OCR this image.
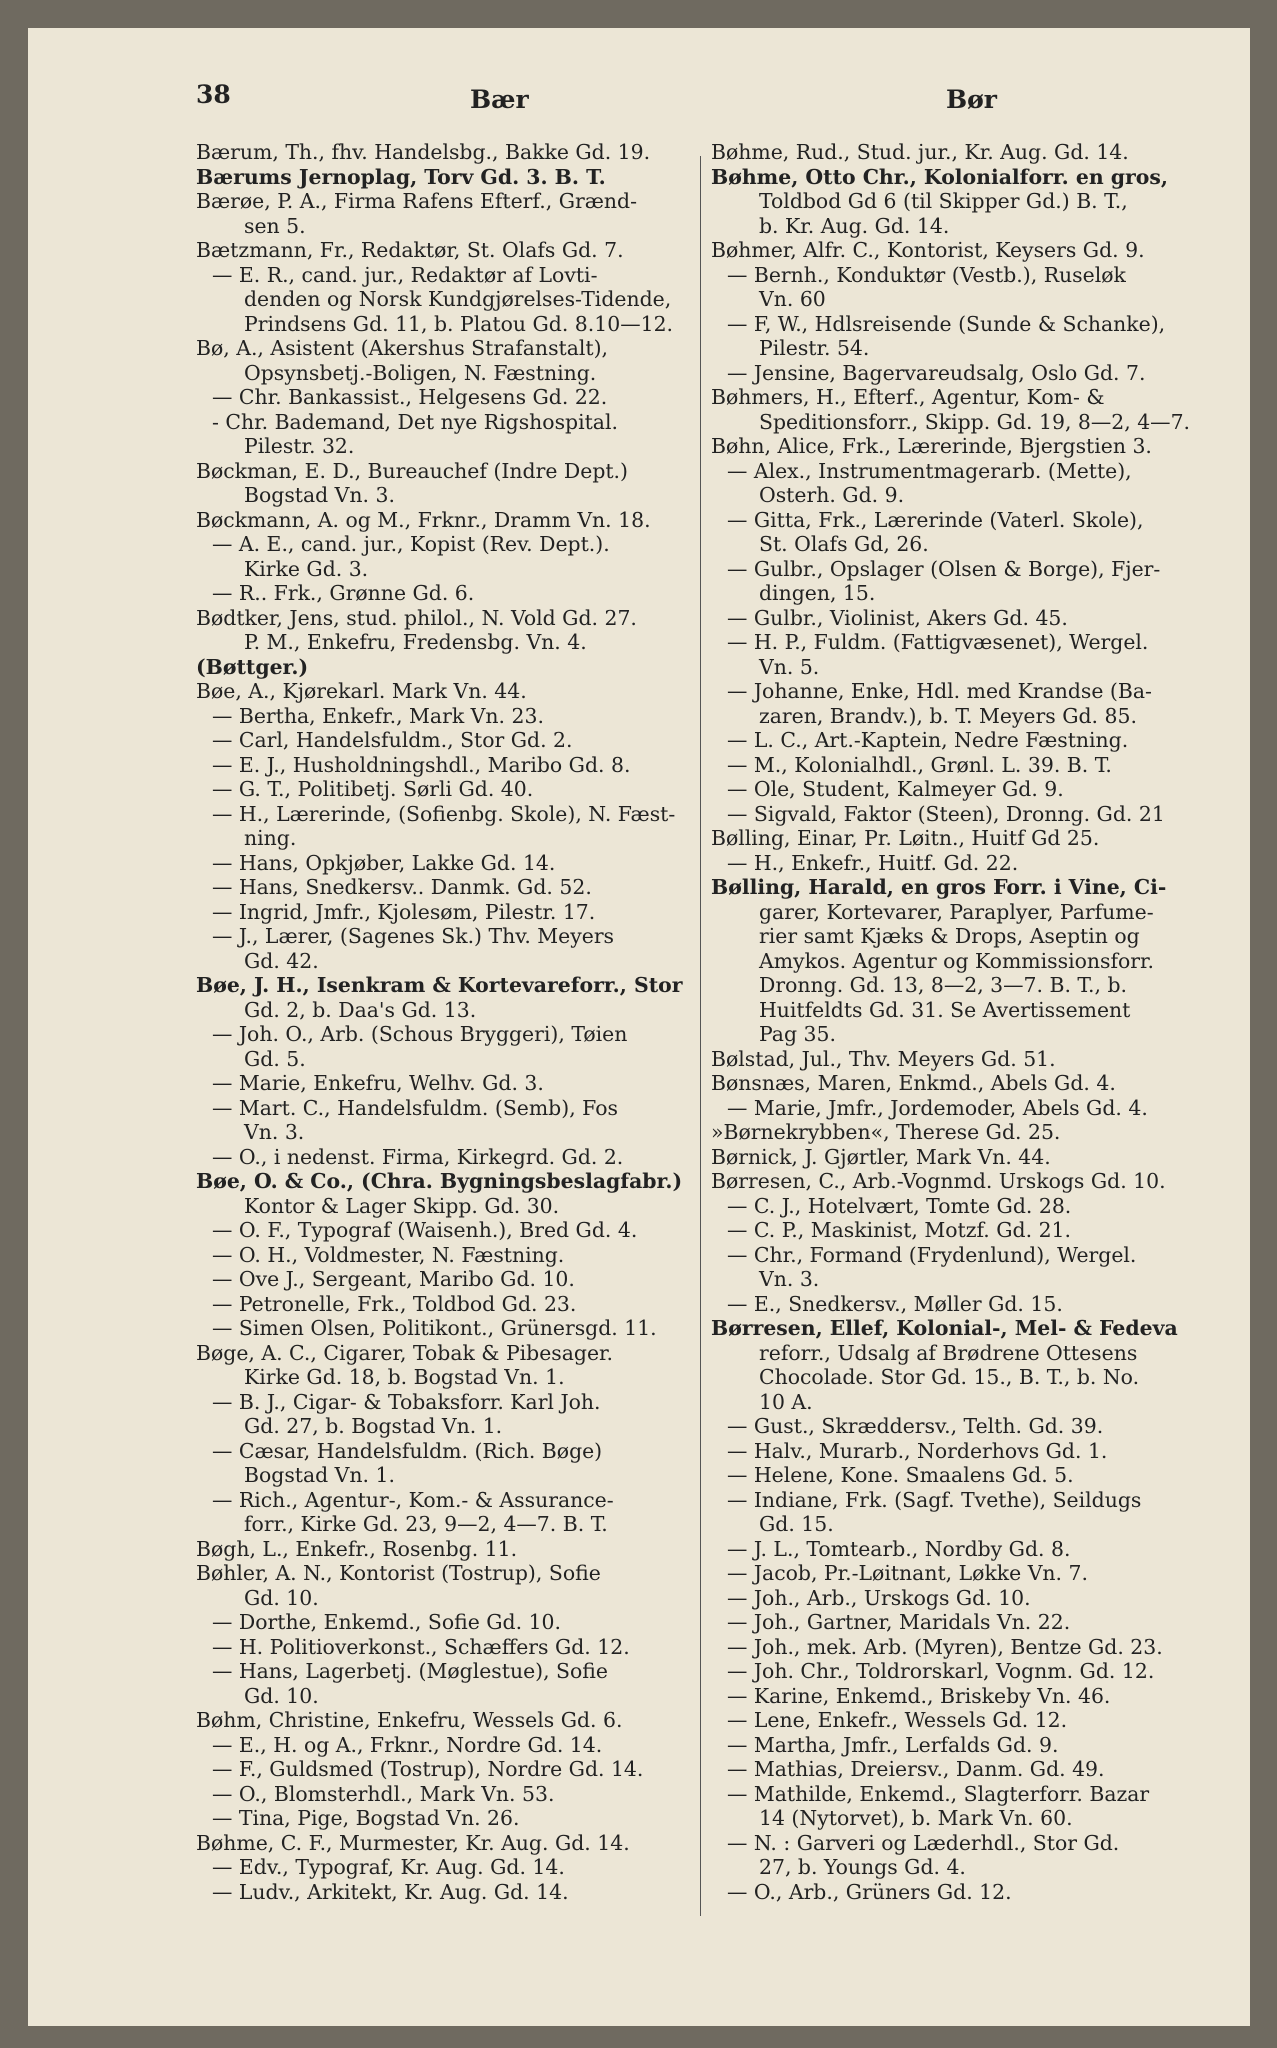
38	Bær	Bør
Bærum, Th., fhv. Handelsbg., Bakke Gd. 19.
Bærums Jernoplag, Torv Gd. 3. B. T.
Bærøe, P. A., Firma Rafens Efterf., Grænd-
sen 5.
Bætzmann, Fr., Redaktør, St. Olafs Gd. 7.
— E. R., cand. jur., Redaktør af Lovti-
denden og Norsk Kundgjørelses-Tidende,
Prindsens Gd. 11, b. Platou Gd. 8.10—12.
Bø, A., Asistent (Akershus Strafanstalt),
Opsynsbetj.-Boligen, N. Fæstning.
— Chr. Bankassist., Helgesens Gd. 22.
- Chr. Bademand, Det nye Rigshospital.
Pilestr. 32.
Bøckman, E. D., Bureauchef (Indre Dept.)
Bogstad Vn. 3.
Bøckmann, A. og M., Frknr., Dramm Vn. 18.
— A. E., cand. jur., Kopist (Rev. Dept.).
Kirke Gd. 3.
— R.. Frk., Grønne Gd. 6.
Bødtker, Jens, stud. philol., N. Vold Gd. 27.
P. M., Enkefru, Fredensbg. Vn. 4.
(Bøttger.)
Bøe, A., Kjørekarl. Mark Vn. 44.
— Bertha, Enkefr., Mark Vn. 23.
— Carl, Handelsfuldm., Stor Gd. 2.
— E. J., Husholdningshdl., Maribo Gd. 8.
— G. T., Politibetj. Sørli Gd. 40.
— H., Lærerinde, (Sofienbg. Skole), N. Fæst-
ning.
— Hans, Opkjøber, Lakke Gd. 14.
— Hans, Snedkersv.. Danmk. Gd. 52.
— Ingrid, Jmfr., Kjolesøm, Pilestr. 17.
— J., Lærer, (Sagenes Sk.) Thv. Meyers
Gd. 42.
Bøe, J. H., Isenkram & Kortevareforr., Stor
Gd. 2, b. Daa's Gd. 13.
— Joh. O., Arb. (Schous Bryggeri), Tøien
Gd. 5.
— Marie, Enkefru, Welhv. Gd. 3.
— Mart. C., Handelsfuldm. (Semb), Fos
Vn. 3.
— O., i nedenst. Firma, Kirkegrd. Gd. 2.
Bøe, O. & Co., (Chra. Bygningsbeslagfabr.)
Kontor & Lager Skipp. Gd. 30.
— O. F., Typograf (Waisenh.), Bred Gd. 4.
— O. H., Voldmester, N. Fæstning.
— Ove J., Sergeant, Maribo Gd. 10.
— Petronelle, Frk., Toldbod Gd. 23.
— Simen Olsen, Politikont., Grünersgd. 11.
Bøge, A. C., Cigarer, Tobak & Pibesager.
Kirke Gd. 18, b. Bogstad Vn. 1.
— B. J., Cigar- & Tobaksforr. Karl Joh.
Gd. 27, b. Bogstad Vn. 1.
— Cæsar, Handelsfuldm. (Rich. Bøge)
Bogstad Vn. 1.
— Rich., Agentur-, Kom.- & Assurance-
forr., Kirke Gd. 23, 9—2, 4—7. B. T.
Bøgh, L., Enkefr., Rosenbg. 11.
Bøhler, A. N., Kontorist (Tostrup), Sofie
Gd. 10.
— Dorthe, Enkemd., Sofie Gd. 10.
— H. Politioverkonst., Schæffers Gd. 12.
— Hans, Lagerbetj. (Møglestue), Sofie
Gd. 10.
Bøhm, Christine, Enkefru, Wessels Gd. 6.
— E., H. og A., Frknr., Nordre Gd. 14.
— F., Guldsmed (Tostrup), Nordre Gd. 14.
— O., Blomsterhdl., Mark Vn. 53.
— Tina, Pige, Bogstad Vn. 26.
Bøhme, C. F., Murmester, Kr. Aug. Gd. 14.
— Edv., Typograf, Kr. Aug. Gd. 14.
— Ludv., Arkitekt, Kr. Aug. Gd. 14.
Bøhme, Rud., Stud. jur., Kr. Aug. Gd. 14.
Bøhme, Otto Chr., Kolonialforr. en gros,
Toldbod Gd 6 (til Skipper Gd.) B. T.,
b. Kr. Aug. Gd. 14.
Bøhmer, Alfr. C., Kontorist, Keysers Gd. 9.
— Bernh., Konduktør (Vestb.), Ruseløk
Vn. 60
— F, W., Hdlsreisende (Sunde & Schanke),
Pilestr. 54.
— Jensine, Bagervareudsalg, Oslo Gd. 7.
Bøhmers, H., Efterf., Agentur, Kom- &
Speditionsforr., Skipp. Gd. 19, 8—2, 4—7.
Bøhn, Alice, Frk., Lærerinde, Bjergstien 3.
— Alex., Instrumentmagerarb. (Mette),
Osterh. Gd. 9.
— Gitta, Frk., Lærerinde (Vaterl. Skole),
St. Olafs Gd, 26.
— Gulbr., Opslager (Olsen & Borge), Fjer-
dingen, 15.
— Gulbr., Violinist, Akers Gd. 45.
— H. P., Fuldm. (Fattigvæsenet), Wergel.
Vn. 5.
— Johanne, Enke, Hdl. med Krandse (Ba-
zaren, Brandv.), b. T. Meyers Gd. 85.
— L. C., Art.-Kaptein, Nedre Fæstning.
— M., Kolonialhdl., Grønl. L. 39. B. T.
— Ole, Student, Kalmeyer Gd. 9.
— Sigvald, Faktor (Steen), Dronng. Gd. 21
Bølling, Einar, Pr. Løitn., Huitf Gd 25.
— H., Enkefr., Huitf. Gd. 22.
Bølling, Harald, en gros Forr. i Vine, Ci-
garer, Kortevarer, Paraplyer, Parfume-
rier samt Kjæks & Drops, Aseptin og
Amykos. Agentur og Kommissionsforr.
Dronng. Gd. 13, 8—2, 3—7. B. T., b.
Huitfeldts Gd. 31. Se Avertissement
Pag 35.
Bølstad, Jul., Thv. Meyers Gd. 51.
Bønsnæs, Maren, Enkmd., Abels Gd. 4.
— Marie, Jmfr., Jordemoder, Abels Gd. 4.
»Børnekrybben«, Therese Gd. 25.
Børnick, J. Gjørtler, Mark Vn. 44.
Børresen, C., Arb.-Vognmd. Urskogs Gd. 10.
— C. J., Hotelvært, Tomte Gd. 28.
— C. P., Maskinist, Motzf. Gd. 21.
— Chr., Formand (Frydenlund), Wergel.
Vn. 3.
— E., Snedkersv., Møller Gd. 15.
Børresen, Ellef, Kolonial-, Mel- & Fedeva
reforr., Udsalg af Brødrene Ottesens
Chocolade. Stor Gd. 15., B. T., b. No.
10 A.
— Gust., Skræddersv., Telth. Gd. 39.
— Halv., Murarb., Norderhovs Gd. 1.
— Helene, Kone. Smaalens Gd. 5.
— Indiane, Frk. (Sagf. Tvethe), Seildugs
Gd. 15.
— J. L., Tomtearb., Nordby Gd. 8.
— Jacob, Pr.-Løitnant, Løkke Vn. 7.
— Joh., Arb., Urskogs Gd. 10.
— Joh., Gartner, Maridals Vn. 22.
— Joh., mek. Arb. (Myren), Bentze Gd. 23.
— Joh. Chr., Toldrorskarl, Vognm. Gd. 12.
— Karine, Enkemd., Briskeby Vn. 46.
— Lene, Enkefr., Wessels Gd. 12.
— Martha, Jmfr., Lerfalds Gd. 9.
— Mathias, Dreiersv., Danm. Gd. 49.
— Mathilde, Enkemd., Slagterforr. Bazar
14 (Nytorvet), b. Mark Vn. 60.
— N. : Garveri og Læderhdl., Stor Gd.
27, b. Youngs Gd. 4.
— O., Arb., Grüners Gd. 12.
